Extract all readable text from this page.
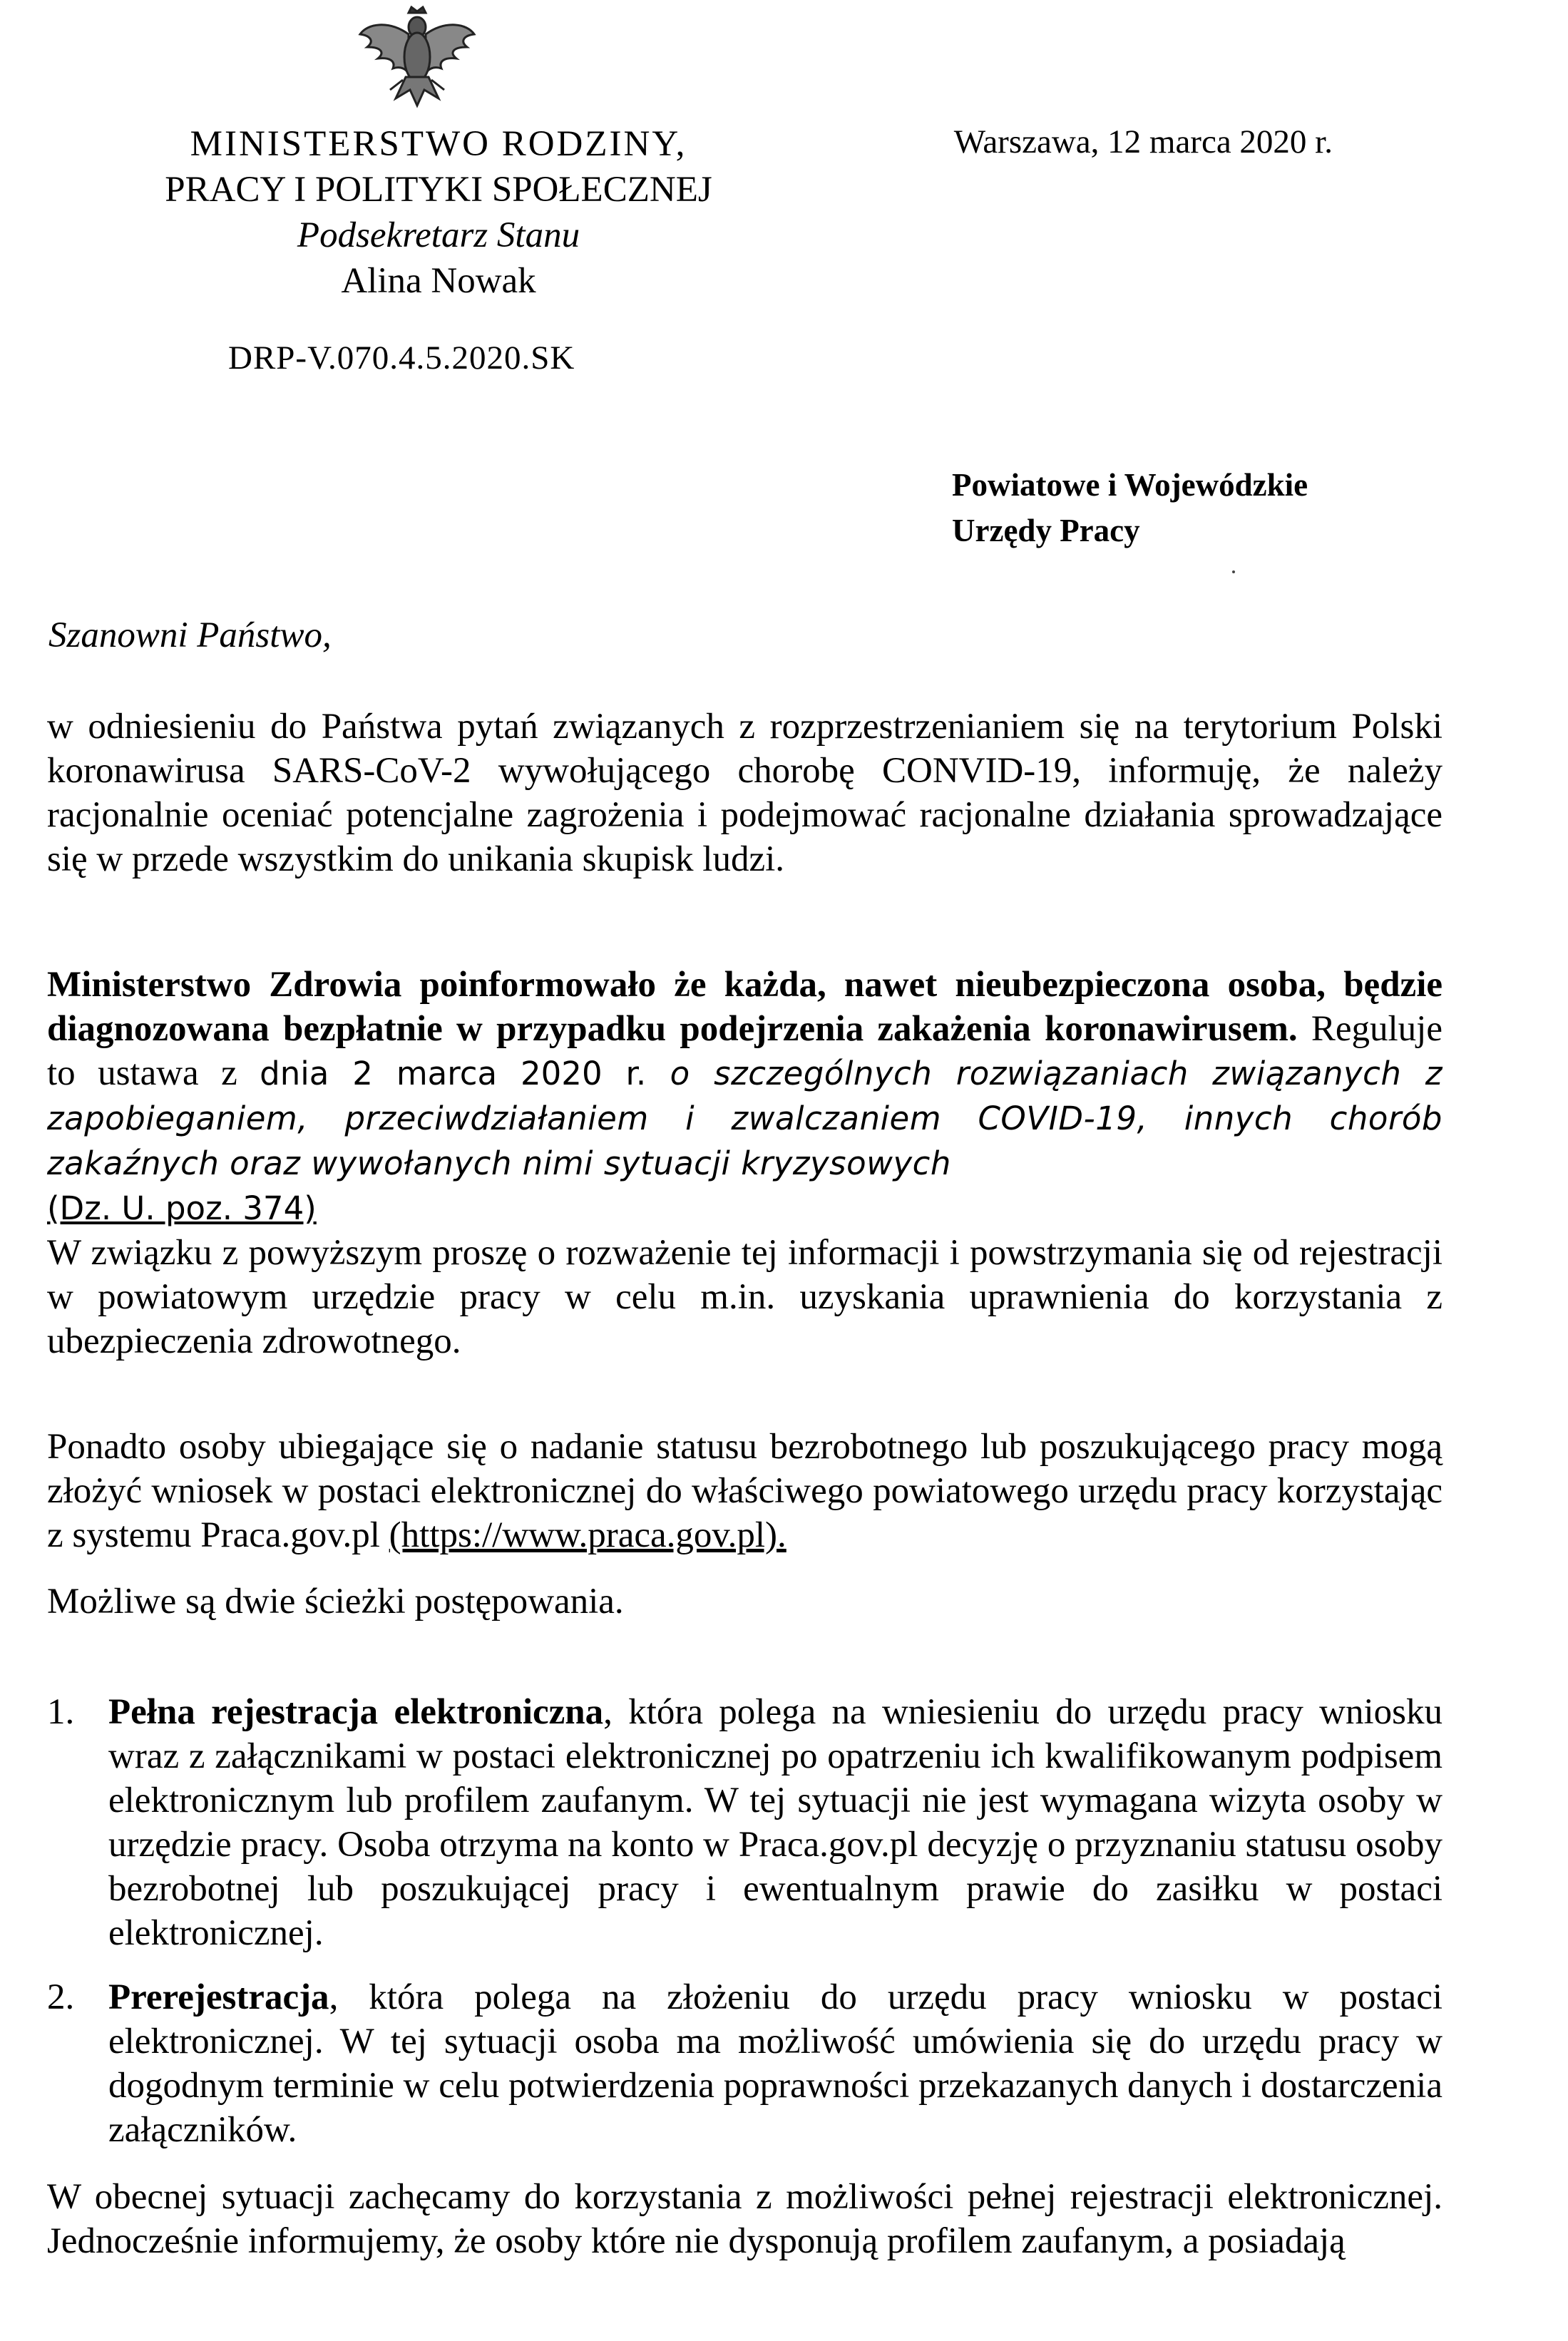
MINISTERSTWO RODZINY,
PRACY I POLITYKI SPOŁECZNEJ
Podsekretarz Stanu
Alina Nowak
Warszawa, 12 marca 2020 r.
DRP-V.070.4.5.2020.SK
Powiatowe i Wojewódzkie
Urzędy Pracy
Szanowni Państwo,
w odniesieniu do Państwa pytań związanych z rozprzestrzenianiem się na terytorium Polski koronawirusa SARS-CoV-2 wywołującego chorobę CONVID-19, informuję, że należy racjonalnie oceniać potencjalne zagrożenia i podejmować racjonalne działania sprowadzające się w przede wszystkim do unikania skupisk ludzi.
Ministerstwo Zdrowia poinformowało że każda, nawet nieubezpieczona osoba, będzie diagnozowana bezpłatnie w przypadku podejrzenia zakażenia koronawirusem. Reguluje to ustawa z dnia 2 marca 2020 r. o szczególnych rozwiązaniach związanych z zapobieganiem, przeciwdziałaniem i zwalczaniem COVID-19, innych chorób zakaźnych oraz wywołanych nimi sytuacji kryzysowych
(Dz. U. poz. 374)
W związku z powyższym proszę o rozważenie tej informacji i powstrzymania się od rejestracji w powiatowym urzędzie pracy w celu m.in. uzyskania uprawnienia do korzystania z ubezpieczenia zdrowotnego.
Ponadto osoby ubiegające się o nadanie statusu bezrobotnego lub poszukującego pracy mogą złożyć wniosek w postaci elektronicznej do właściwego powiatowego urzędu pracy korzystając z systemu Praca.gov.pl (https://www.praca.gov.pl).
Możliwe są dwie ścieżki postępowania.
1. Pełna rejestracja elektroniczna, która polega na wniesieniu do urzędu pracy wniosku wraz z załącznikami w postaci elektronicznej po opatrzeniu ich kwalifikowanym podpisem elektronicznym lub profilem zaufanym. W tej sytuacji nie jest wymagana wizyta osoby w urzędzie pracy. Osoba otrzyma na konto w Praca.gov.pl decyzję o przyznaniu statusu osoby bezrobotnej lub poszukującej pracy i ewentualnym prawie do zasiłku w postaci elektronicznej.
2. Prerejestracja, która polega na złożeniu do urzędu pracy wniosku w postaci elektronicznej. W tej sytuacji osoba ma możliwość umówienia się do urzędu pracy w dogodnym terminie w celu potwierdzenia poprawności przekazanych danych i dostarczenia załączników.
W obecnej sytuacji zachęcamy do korzystania z możliwości pełnej rejestracji elektronicznej. Jednocześnie informujemy, że osoby które nie dysponują profilem zaufanym, a posiadają
